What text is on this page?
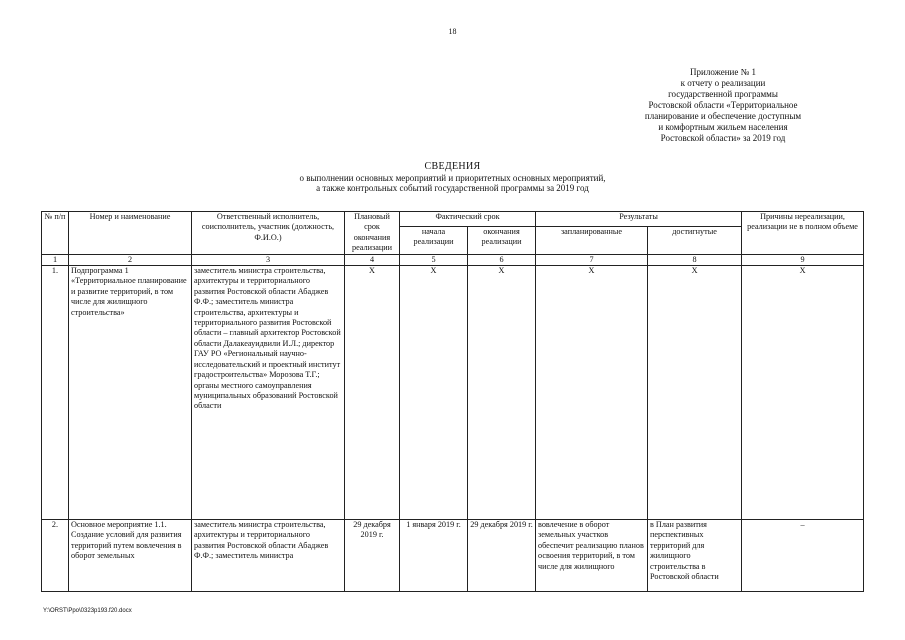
18
Приложение № 1
к отчету о реализации
государственной программы
Ростовской области «Территориальное
планирование и обеспечение доступным
и комфортным жильем населения
Ростовской области» за 2019 год
СВЕДЕНИЯ
о выполнении основных мероприятий и приоритетных основных мероприятий,
а также контрольных событий государственной программы за 2019 год
№ п/п	Номер и наименование	Ответственный исполнитель, соисполнитель, участник (должность, Ф.И.О.)	Плановый срок окончания реализации	Фактический срок		Результаты		Причины нереализации, реализации не в полном объеме
				начала реализации	окончания реализации	запланированные	достигнутые	
1	2	3	4	5	6	7	8	9
1.	Подпрограмма 1 «Территориальное планирование и развитие территорий, в том числе для жилищного строительства»	заместитель министра строительства, архитектуры и территориального развития Ростовской области Абаджев Ф.Ф.; заместитель министра строительства, архитектуры и территориального развития Ростовской области – главный архитектор Ростовской области Далакеауидвили И.Л.; директор ГАУ РО «Региональный научно-исследовательский и проектный институт градостроительства» Морозова Т.Г.; органы местного самоуправления муниципальных образований Ростовской области	Х	Х	Х	Х	Х	Х

2.	Основное мероприятие 1.1. Создание условий для развития территорий путем вовлечения в оборот земельных	заместитель министра строительства, архитектуры и территориального развития Ростовской области Абаджев Ф.Ф.; заместитель министра	29 декабря 2019 г.	1 января 2019 г.	29 декабря 2019 г.	вовлечение в оборот земельных участков обеспечит реализацию планов освоения территорий, в том числе для жилищного	в План развития перспективных территорий для жилищного строительства в Ростовской области	–
Y:\ORST\Ppo\0323p193.f20.docx
